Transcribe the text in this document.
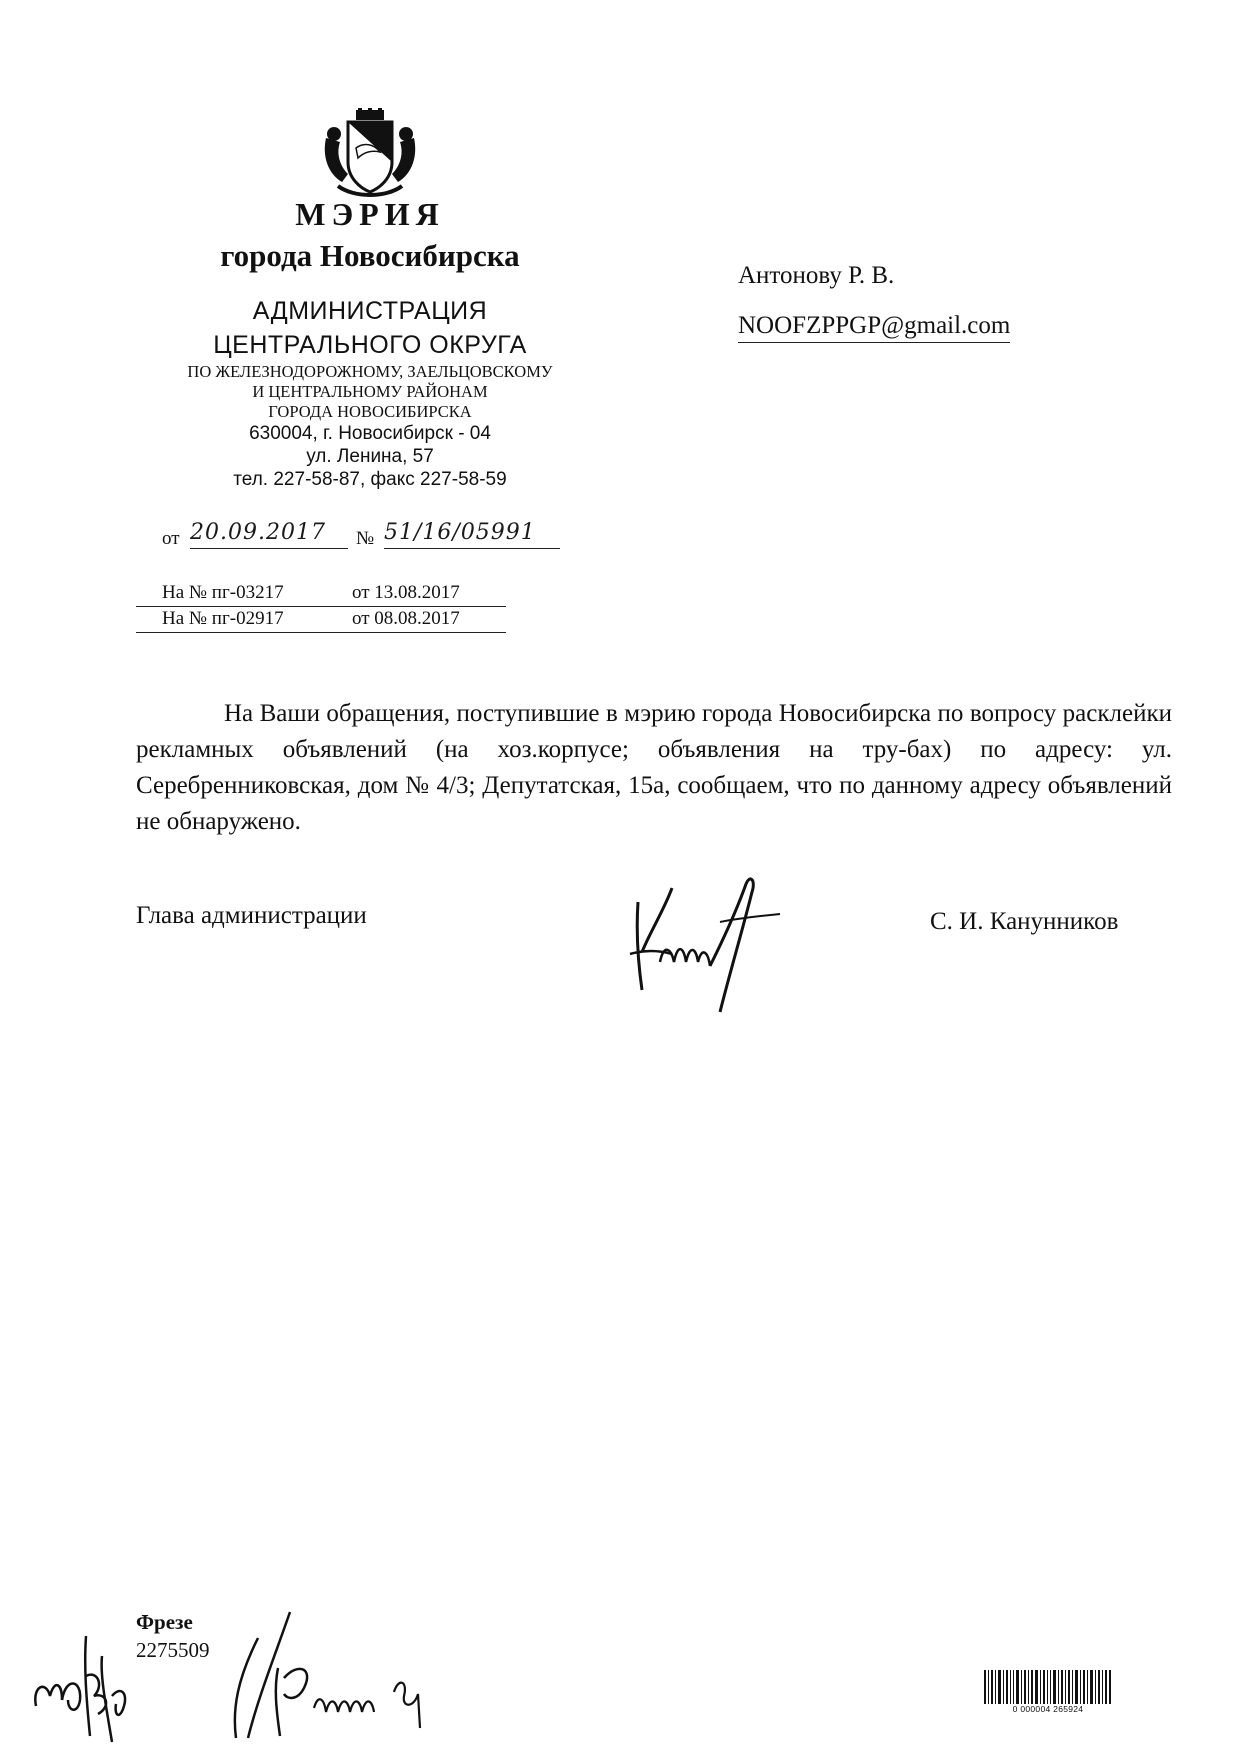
МЭРИЯ
города Новосибирска
АДМИНИСТРАЦИЯ
ЦЕНТРАЛЬНОГО ОКРУГА
ПО ЖЕЛЕЗНОДОРОЖНОМУ, ЗАЕЛЬЦОВСКОМУ
И ЦЕНТРАЛЬНОМУ РАЙОНАМ
ГОРОДА НОВОСИБИРСКА
630004, г. Новосибирск - 04
ул. Ленина, 57
тел. 227-58-87, факс 227-58-59
от 20.09.2017	№ 51/16/05991
На № пг-03217	от 13.08.2017
На № пг-02917	от 08.08.2017
Антонову Р. В.
NOOFZPPGP@gmail.com
На Ваши обращения, поступившие в мэрию города Новосибирска по вопросу расклейки рекламных объявлений (на хоз.корпусе; объявления на тру-бах) по адресу: ул. Серебренниковская, дом № 4/3; Депутатская, 15а, сообщаем, что по данному адресу объявлений не обнаружено.
Глава администрации	С. И. Канунников
Фрезе
2275509
0 000004 265924
